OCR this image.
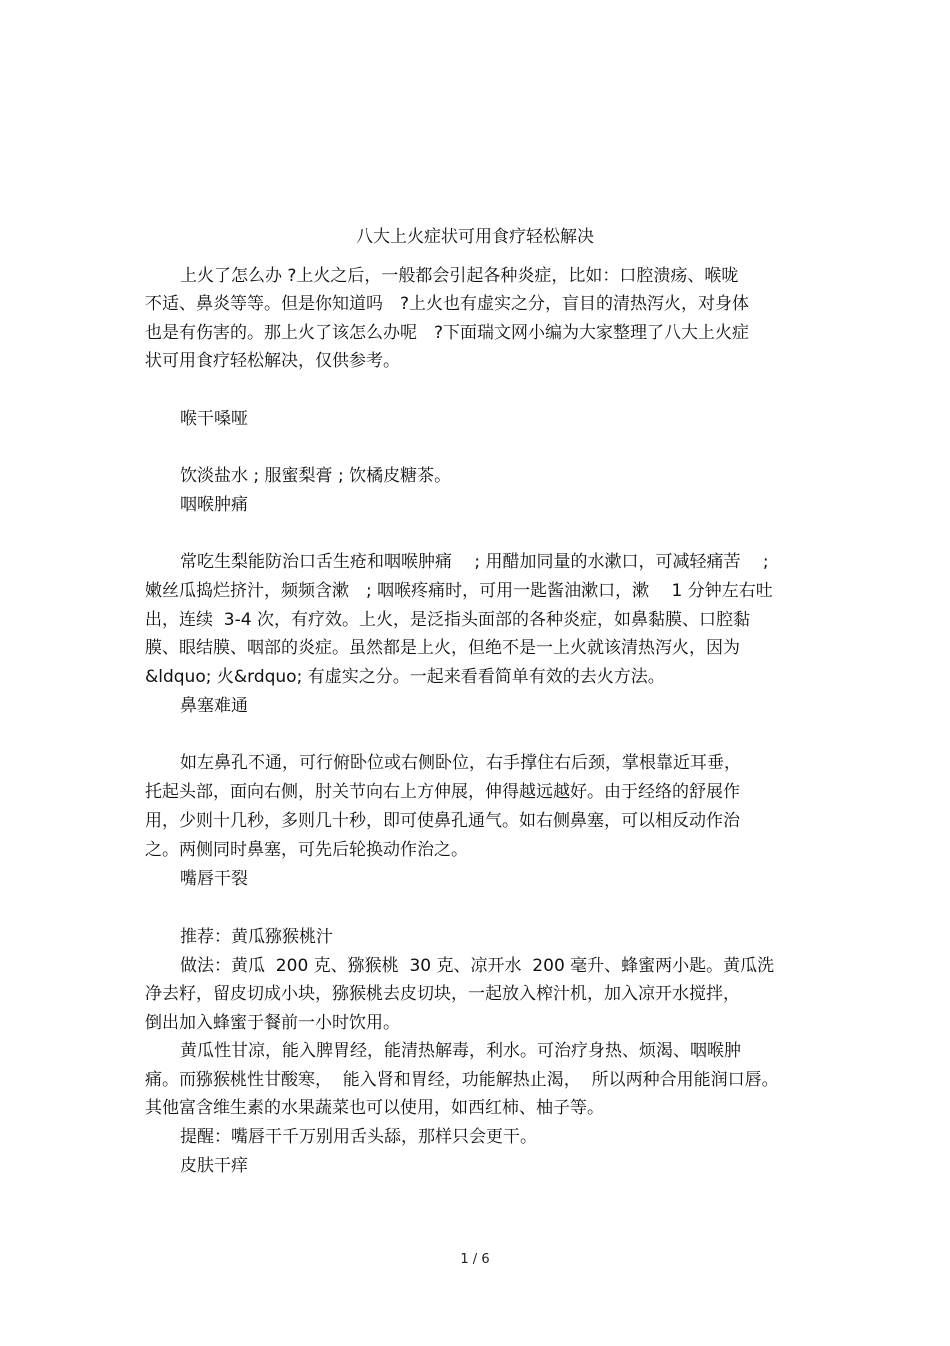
八大上火症状可用食疗轻松解决
上火了怎么办 ?上火之后，一般都会引起各种炎症，比如：口腔溃疡、喉咙
不适、鼻炎等等。但是你知道吗　?上火也有虚实之分，盲目的清热泻火，对身体
也是有伤害的。那上火了该怎么办呢　?下面瑞文网小编为大家整理了八大上火症
状可用食疗轻松解决，仅供参考。
喉干嗓哑
饮淡盐水 ; 服蜜梨膏 ; 饮橘皮糖茶。
咽喉肿痛
常吃生梨能防治口舌生疮和咽喉肿痛　 ; 用醋加同量的水漱口，可减轻痛苦　 ;
嫩丝瓜捣烂挤汁，频频含漱　; 咽喉疼痛时，可用一匙酱油漱口，漱　 1 分钟左右吐
出，连续  3-4 次，有疗效。上火，是泛指头面部的各种炎症，如鼻黏膜、口腔黏
膜、眼结膜、咽部的炎症。虽然都是上火，但绝不是一上火就该清热泻火，因为
&ldquo; 火&rdquo; 有虚实之分。一起来看看简单有效的去火方法。
鼻塞难通
如左鼻孔不通，可行俯卧位或右侧卧位，右手撑住右后颈，掌根靠近耳垂，
托起头部，面向右侧，肘关节向右上方伸展，伸得越远越好。由于经络的舒展作
用，少则十几秒，多则几十秒，即可使鼻孔通气。如右侧鼻塞，可以相反动作治
之。两侧同时鼻塞，可先后轮换动作治之。
嘴唇干裂
推荐：黄瓜猕猴桃汁
做法：黄瓜  200 克、猕猴桃  30 克、凉开水  200 毫升、蜂蜜两小匙。黄瓜洗
净去籽，留皮切成小块，猕猴桃去皮切块，一起放入榨汁机，加入凉开水搅拌，
倒出加入蜂蜜于餐前一小时饮用。
黄瓜性甘凉，能入脾胃经，能清热解毒，利水。可治疗身热、烦渴、咽喉肿
痛。而猕猴桃性甘酸寒，  能入肾和胃经，功能解热止渴，  所以两种合用能润口唇。
其他富含维生素的水果蔬菜也可以使用，如西红柿、柚子等。
提醒：嘴唇干千万别用舌头舔，那样只会更干。
皮肤干痒
1 / 6
